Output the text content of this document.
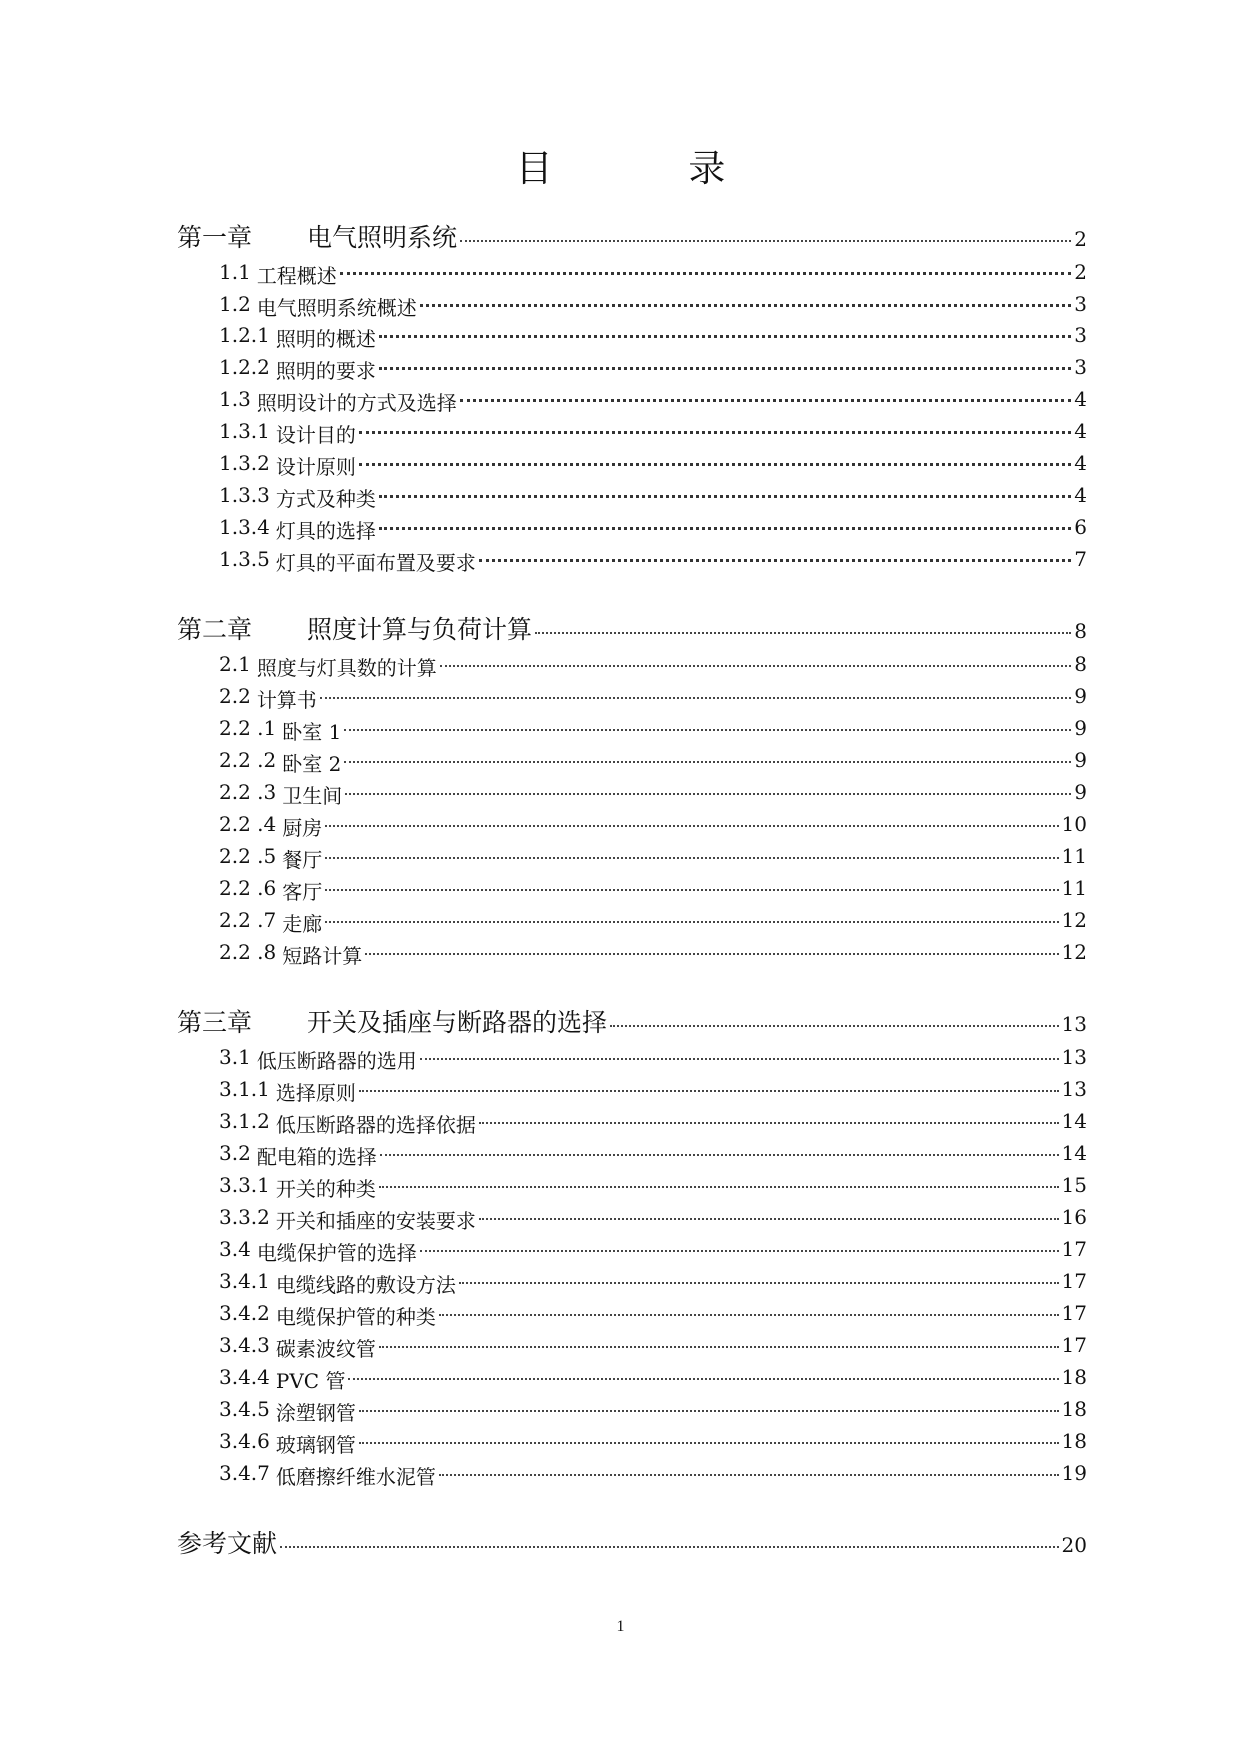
目 录
第一章	电气照明系统	2
1.1 工程概述	2
1.2 电气照明系统概述	3
1.2.1 照明的概述	3
1.2.2 照明的要求	3
1.3 照明设计的方式及选择	4
1.3.1 设计目的	4
1.3.2 设计原则	4
1.3.3 方式及种类	4
1.3.4 灯具的选择	6
1.3.5 灯具的平面布置及要求	7
第二章	照度计算与负荷计算	8
2.1 照度与灯具数的计算	8
2.2 计算书	9
2.2 .1 卧室 1	9
2.2 .2 卧室 2	9
2.2 .3 卫生间	9
2.2 .4 厨房	10
2.2 .5 餐厅	11
2.2 .6 客厅	11
2.2 .7 走廊	12
2.2 .8 短路计算	12
第三章	开关及插座与断路器的选择	13
3.1 低压断路器的选用	13
3.1.1 选择原则	13
3.1.2 低压断路器的选择依据	14
3.2 配电箱的选择	14
3.3.1 开关的种类	15
3.3.2 开关和插座的安装要求	16
3.4 电缆保护管的选择	17
3.4.1 电缆线路的敷设方法	17
3.4.2 电缆保护管的种类	17
3.4.3 碳素波纹管	17
3.4.4 PVC 管	18
3.4.5 涂塑钢管	18
3.4.6 玻璃钢管	18
3.4.7 低磨擦纤维水泥管	19
参考文献	20
1
